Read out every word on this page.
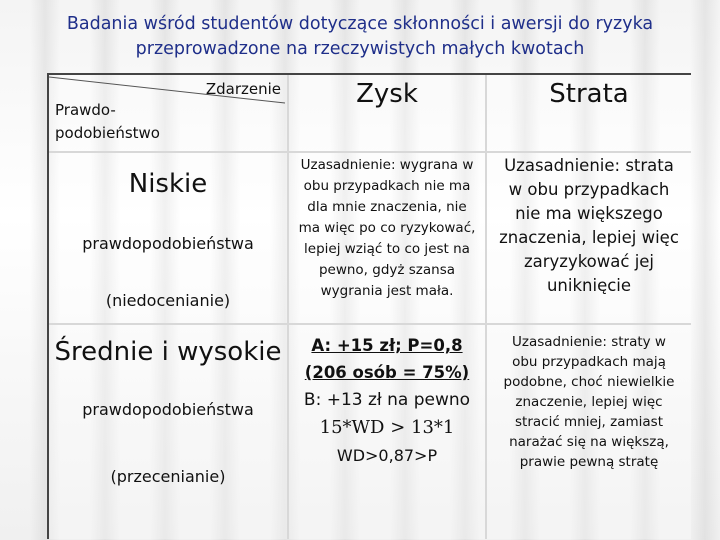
Badania wśród studentów dotyczące skłonności i awersji do ryzyka
przeprowadzone na rzeczywistych małych kwotach
Zdarzenie
Prawdo-
podobieństwo
Zysk	Strata
Niskie
prawdopodobieństwa
(niedocenianie)
Uzasadnienie: wygrana w
obu przypadkach nie ma
dla mnie znaczenia, nie
ma więc po co ryzykować,
lepiej wziąć to co jest na
pewno, gdyż szansa
wygrania jest mała.
Uzasadnienie: strata
w obu przypadkach
nie ma większego
znaczenia, lepiej więc
zaryzykować jej
uniknięcie
Średnie i wysokie
prawdopodobieństwa
(przecenianie)
A: +15 zł; P=0,8
(206 osób = 75%)
B: +13 zł na pewno
15*WD > 13*1
WD>0,87>P
Uzasadnienie: straty w
obu przypadkach mają
podobne, choć niewielkie
znaczenie, lepiej więc
stracić mniej, zamiast
narażać się na większą,
prawie pewną stratę
